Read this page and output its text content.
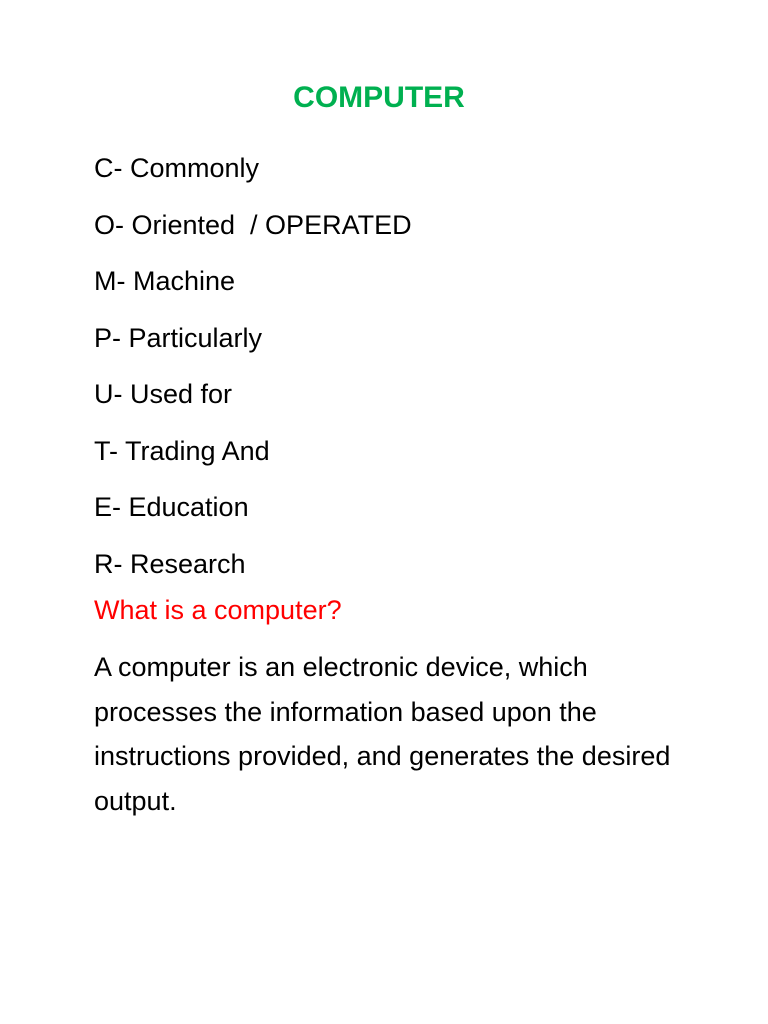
COMPUTER
C- Commonly
O- Oriented  / OPERATED
M- Machine
P- Particularly
U- Used for
T- Trading And
E- Education
R- Research
What is a computer?

A computer is an electronic device, which processes the information based upon the instructions provided, and generates the desired output.
